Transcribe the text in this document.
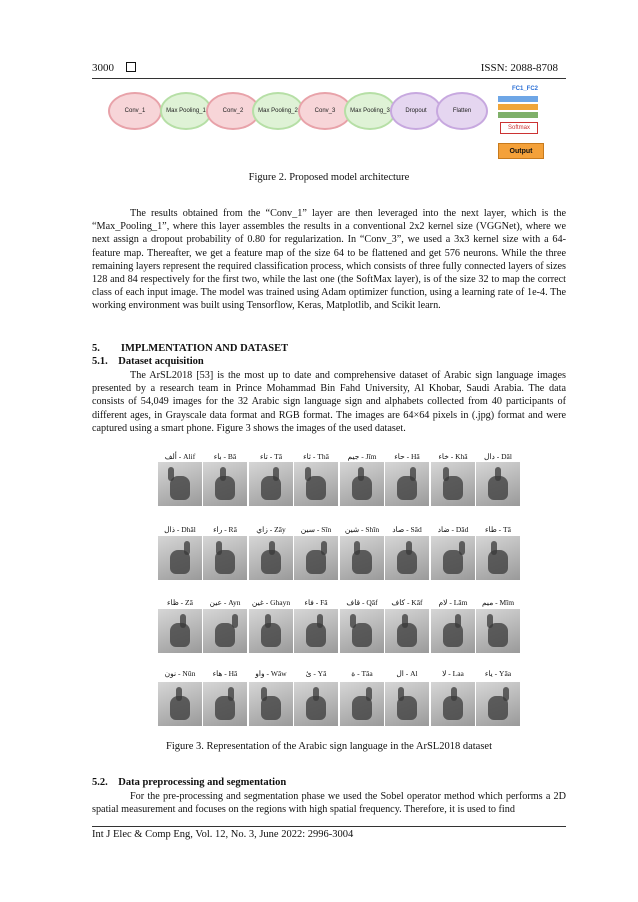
3000	ISSN: 2088-8708
Conv_1	Max Pooling_1	Conv_2	Max Pooling_2	Conv_3	Max Pooling_3	Dropout	Flatten
FC1_FC2
Softmax
Output
Figure 2. Proposed model architecture

The results obtained from the “Conv_1” layer are then leveraged into the next layer, which is the “Max_Pooling_1”, where this layer assembles the results in a conventional 2x2 kernel size (VGGNet), where we next assign a dropout probability of 0.80 for regularization. In “Conv_3”, we used a 3x3 kernel size with a 64-feature map. Thereafter, we get a feature map of the size 64 to be flattened and get 576 neurons. While the three remaining layers represent the required classification process, which consists of three fully connected layers of sizes 128 and 84 respectively for the first two, while the last one (the SoftMax layer), is of the size 32 to map the correct class of each input image. The model was trained using Adam optimizer function, using a learning rate of 1e-4. The working environment was built using Tensorflow, Keras, Matplotlib, and Scikit learn.

5.  IMPLMENTATION AND DATASET
5.1. Dataset acquisition

The ArSL2018 [53] is the most up to date and comprehensive dataset of Arabic sign language images presented by a research team in Prince Mohammad Bin Fahd University, Al Khobar, Saudi Arabia. The data consists of 54,049 images for the 32 Arabic sign language sign and alphabets collected from 40 participants of different ages, in Grayscale data format and RGB format. The images are 64×64 pixels in (.jpg) format and were captured using a smart phone. Figure 3 shows the images of the used dataset.

ألف - Alif	باء - Bā	تاء - Tā	ثاء - Thā	جيم - Jīm	حاء - Hā	خاء - Khā	دال - Dāl
ذال - Dhāl	راء - Rā	زاي - Zāy	سين - Sīn	شين - Shīn	صاد - Sād	ضاد - Dād	طاء - Tā
ظاء - Zā	عين - Ayn	غين - Ghayn	فاء - Fā	قاف - Qāf	كاف - Kāf	لام - Lām	ميم - Mīm
نون - Nūn	هاء - Hā	واو - Wāw	ئ - Yā	ة - Tāa	ال - Al	لا - Laa	ياء - Yāa
Figure 3. Representation of the Arabic sign language in the ArSL2018 dataset
5.2. Data preprocessing and segmentation

For the pre-processing and segmentation phase we used the Sobel operator method which performs a 2D spatial measurement and focuses on the regions with high spatial frequency. Therefore, it is used to find

Int J Elec & Comp Eng, Vol. 12, No. 3, June 2022: 2996-3004
